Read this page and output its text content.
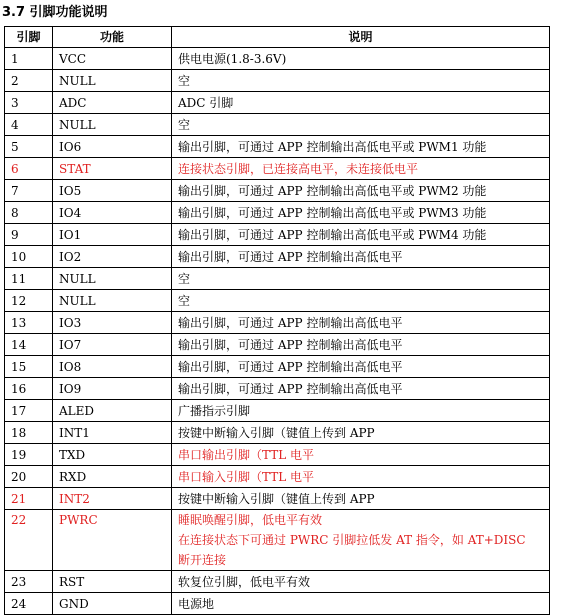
3.7 引脚功能说明
引脚	功能	说明
1	VCC	供电电源(1.8-3.6V)

2	NULL	空

3	ADC	ADC 引脚

4	NULL	空

5	IO6	输出引脚，可通过 APP 控制输出高低电平或 PWM1 功能

6	STAT	连接状态引脚，已连接高电平，未连接低电平

7	IO5	输出引脚，可通过 APP 控制输出高低电平或 PWM2 功能

8	IO4	输出引脚，可通过 APP 控制输出高低电平或 PWM3 功能

9	IO1	输出引脚，可通过 APP 控制输出高低电平或 PWM4 功能

10	IO2	输出引脚，可通过 APP 控制输出高低电平

11	NULL	空

12	NULL	空

13	IO3	输出引脚，可通过 APP 控制输出高低电平

14	IO7	输出引脚，可通过 APP 控制输出高低电平

15	IO8	输出引脚，可通过 APP 控制输出高低电平

16	IO9	输出引脚，可通过 APP 控制输出高低电平

17	ALED	广播指示引脚

18	INT1	按键中断输入引脚（键值上传到 APP

19	TXD	串口输出引脚（TTL 电平

20	RXD	串口输入引脚（TTL 电平

21	INT2	按键中断输入引脚（键值上传到 APP

22	PWRC	睡眠唤醒引脚，低电平有效
在连接状态下可通过 PWRC 引脚拉低发 AT 指令，如 AT+DISC
断开连接

23	RST	软复位引脚，低电平有效

24	GND	电源地
